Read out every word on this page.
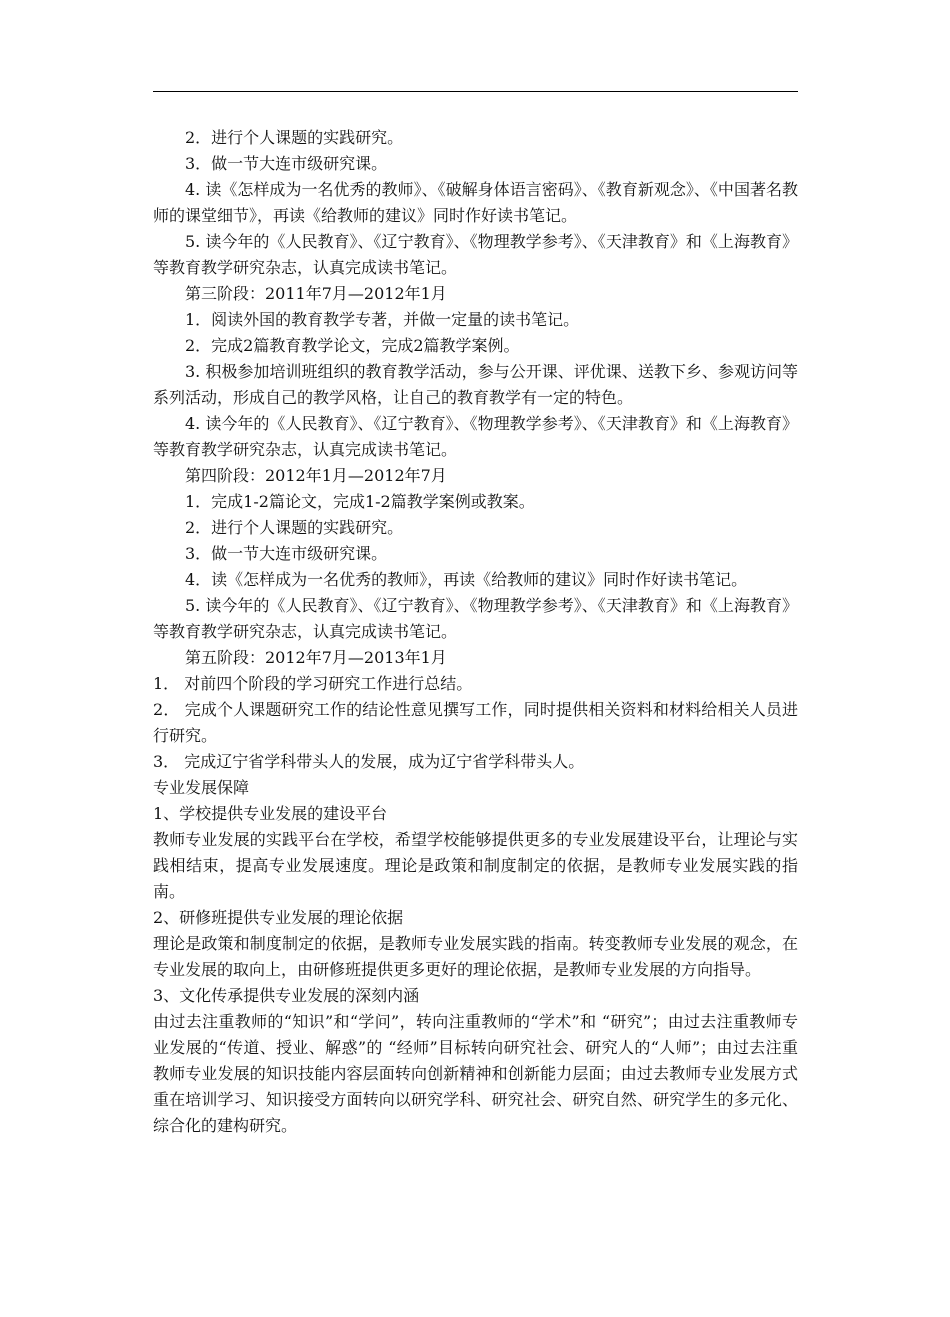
2．进行个人课题的实践研究。

3．做一节大连市级研究课。

4. 读《怎样成为一名优秀的教师》、《破解身体语言密码》、《教育新观念》、《中国著名教师的课堂细节》，再读《给教师的建议》同时作好读书笔记。

5. 读今年的《人民教育》、《辽宁教育》、《物理教学参考》、《天津教育》和《上海教育》等教育教学研究杂志，认真完成读书笔记。

第三阶段：2011年7月—2012年1月

1．阅读外国的教育教学专著，并做一定量的读书笔记。

2．完成2篇教育教学论文，完成2篇教学案例。

3. 积极参加培训班组织的教育教学活动，参与公开课、评优课、送教下乡、参观访问等系列活动，形成自己的教学风格，让自己的教育教学有一定的特色。

4. 读今年的《人民教育》、《辽宁教育》、《物理教学参考》、《天津教育》和《上海教育》等教育教学研究杂志，认真完成读书笔记。

第四阶段：2012年1月—2012年7月

1．完成1-2篇论文，完成1-2篇教学案例或教案。

2．进行个人课题的实践研究。

3．做一节大连市级研究课。

4．读《怎样成为一名优秀的教师》，再读《给教师的建议》同时作好读书笔记。

5. 读今年的《人民教育》、《辽宁教育》、《物理教学参考》、《天津教育》和《上海教育》等教育教学研究杂志，认真完成读书笔记。

第五阶段：2012年7月—2013年1月

1． 对前四个阶段的学习研究工作进行总结。

2． 完成个人课题研究工作的结论性意见撰写工作，同时提供相关资料和材料给相关人员进行研究。

3． 完成辽宁省学科带头人的发展，成为辽宁省学科带头人。

专业发展保障

1、学校提供专业发展的建设平台

教师专业发展的实践平台在学校，希望学校能够提供更多的专业发展建设平台，让理论与实践相结束，提高专业发展速度。理论是政策和制度制定的依据，是教师专业发展实践的指南。

2、研修班提供专业发展的理论依据

理论是政策和制度制定的依据，是教师专业发展实践的指南。转变教师专业发展的观念，在专业发展的取向上，由研修班提供更多更好的理论依据，是教师专业发展的方向指导。

3、文化传承提供专业发展的深刻内涵

由过去注重教师的“知识”和“学问”，转向注重教师的“学术”和 “研究”；由过去注重教师专业发展的“传道、授业、解惑”的 “经师”目标转向研究社会、研究人的“人师”；由过去注重教师专业发展的知识技能内容层面转向创新精神和创新能力层面；由过去教师专业发展方式重在培训学习、知识接受方面转向以研究学科、研究社会、研究自然、研究学生的多元化、综合化的建构研究。
